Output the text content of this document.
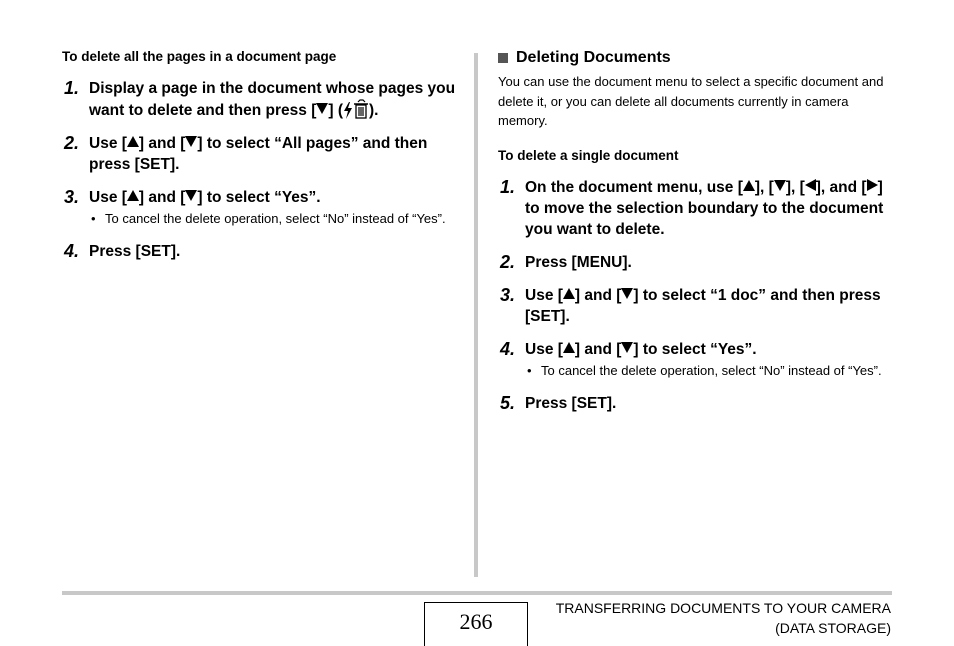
To delete all the pages in a document page

1. Display a page in the document whose pages you want to delete and then press [ ] ( ).
2. Use [ ] and [ ] to select “All pages” and then press [SET].
3. Use [ ] and [ ] to select “Yes”.
• To cancel the delete operation, select “No” instead of “Yes”.
4. Press [SET].
Deleting Documents

You can use the document menu to select a specific document and delete it, or you can delete all documents currently in camera memory.

To delete a single document

1. On the document menu, use [ ], [ ], [ ], and [ ] to move the selection boundary to the document you want to delete.
2. Press [MENU].
3. Use [ ] and [ ] to select “1 doc” and then press [SET].
4. Use [ ] and [ ] to select “Yes”.
• To cancel the delete operation, select “No” instead of “Yes”.
5. Press [SET].
266
TRANSFERRING DOCUMENTS TO YOUR CAMERA
(DATA STORAGE)
